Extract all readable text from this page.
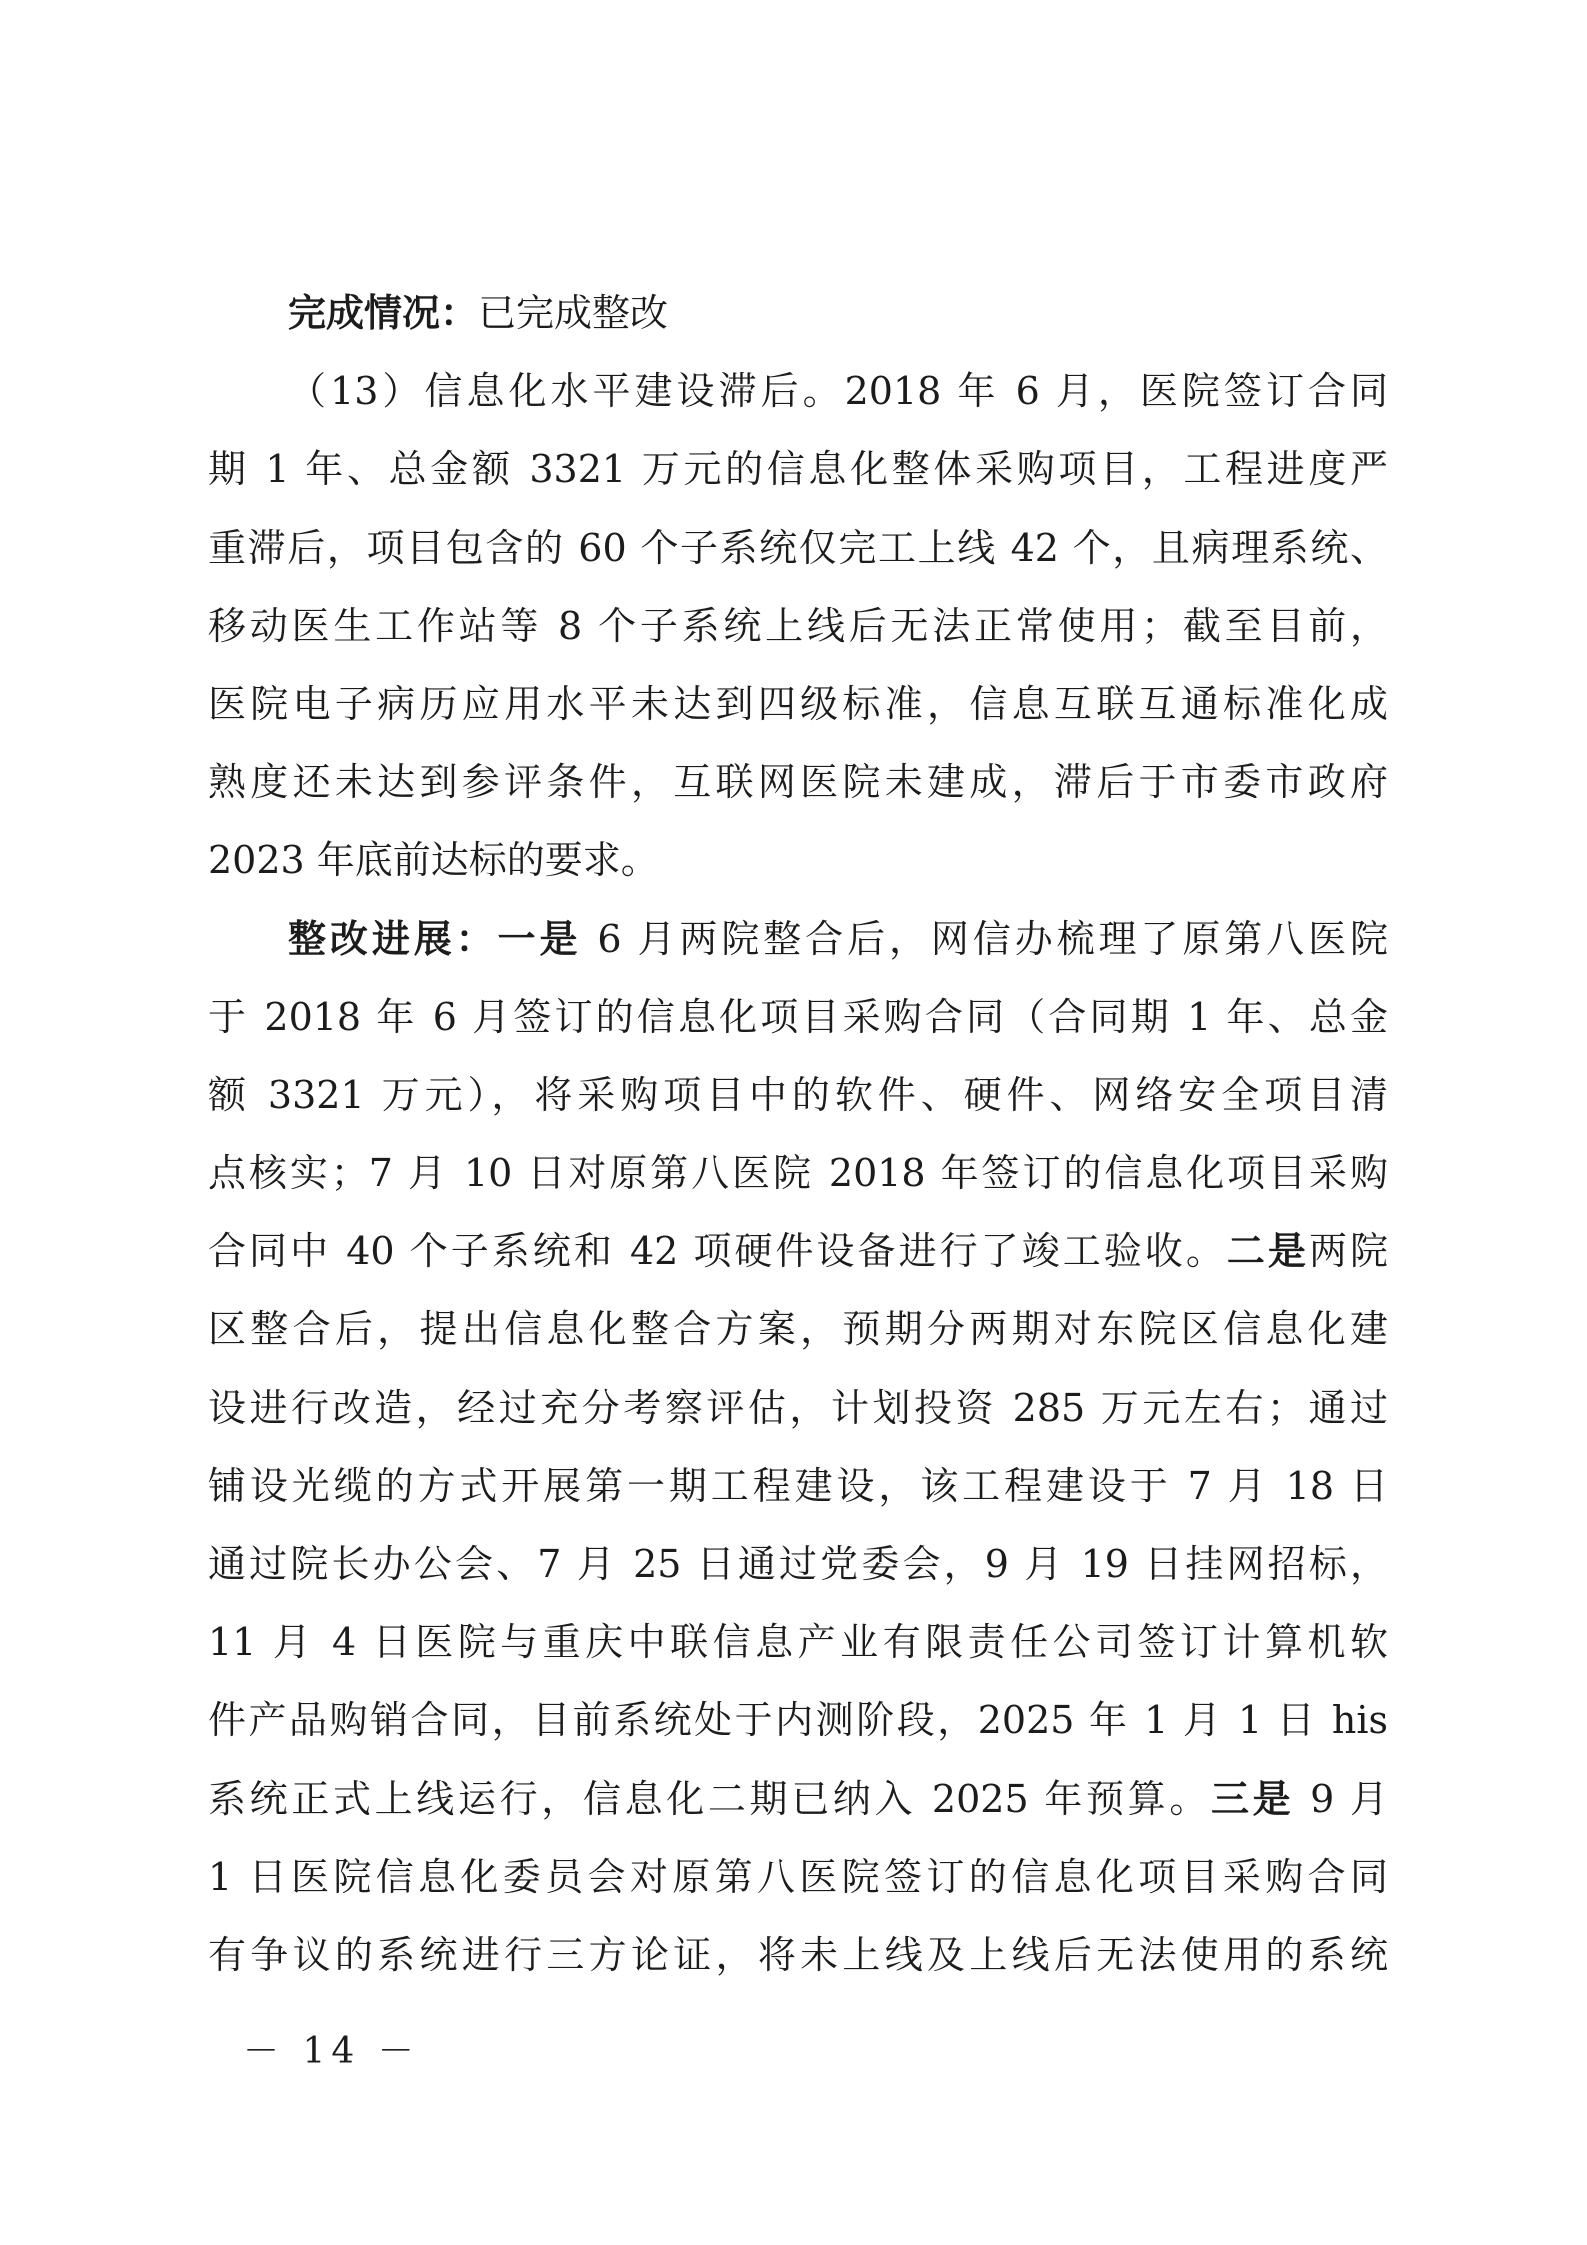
完成情况：已完成整改
（13）信息化水平建设滞后。2018 年 6 月，医院签订合同
期 1 年、总金额 3321 万元的信息化整体采购项目，工程进度严
重滞后，项目包含的 60 个子系统仅完工上线 42 个，且病理系统、
移动医生工作站等 8 个子系统上线后无法正常使用；截至目前，
医院电子病历应用水平未达到四级标准，信息互联互通标准化成
熟度还未达到参评条件，互联网医院未建成，滞后于市委市政府
2023 年底前达标的要求。
整改进展：一是 6 月两院整合后，网信办梳理了原第八医院
于 2018 年 6 月签订的信息化项目采购合同（合同期 1 年、总金
额 3321 万元），将采购项目中的软件、硬件、网络安全项目清
点核实；7 月 10 日对原第八医院 2018 年签订的信息化项目采购
合同中 40 个子系统和 42 项硬件设备进行了竣工验收。二是两院
区整合后，提出信息化整合方案，预期分两期对东院区信息化建
设进行改造，经过充分考察评估，计划投资 285 万元左右；通过
铺设光缆的方式开展第一期工程建设，该工程建设于 7 月 18 日
通过院长办公会、7 月 25 日通过党委会，9 月 19 日挂网招标，
11 月 4 日医院与重庆中联信息产业有限责任公司签订计算机软
件产品购销合同，目前系统处于内测阶段，2025 年 1 月 1 日 his
系统正式上线运行，信息化二期已纳入 2025 年预算。三是 9 月
1 日医院信息化委员会对原第八医院签订的信息化项目采购合同
有争议的系统进行三方论证，将未上线及上线后无法使用的系统
－ 14 －
